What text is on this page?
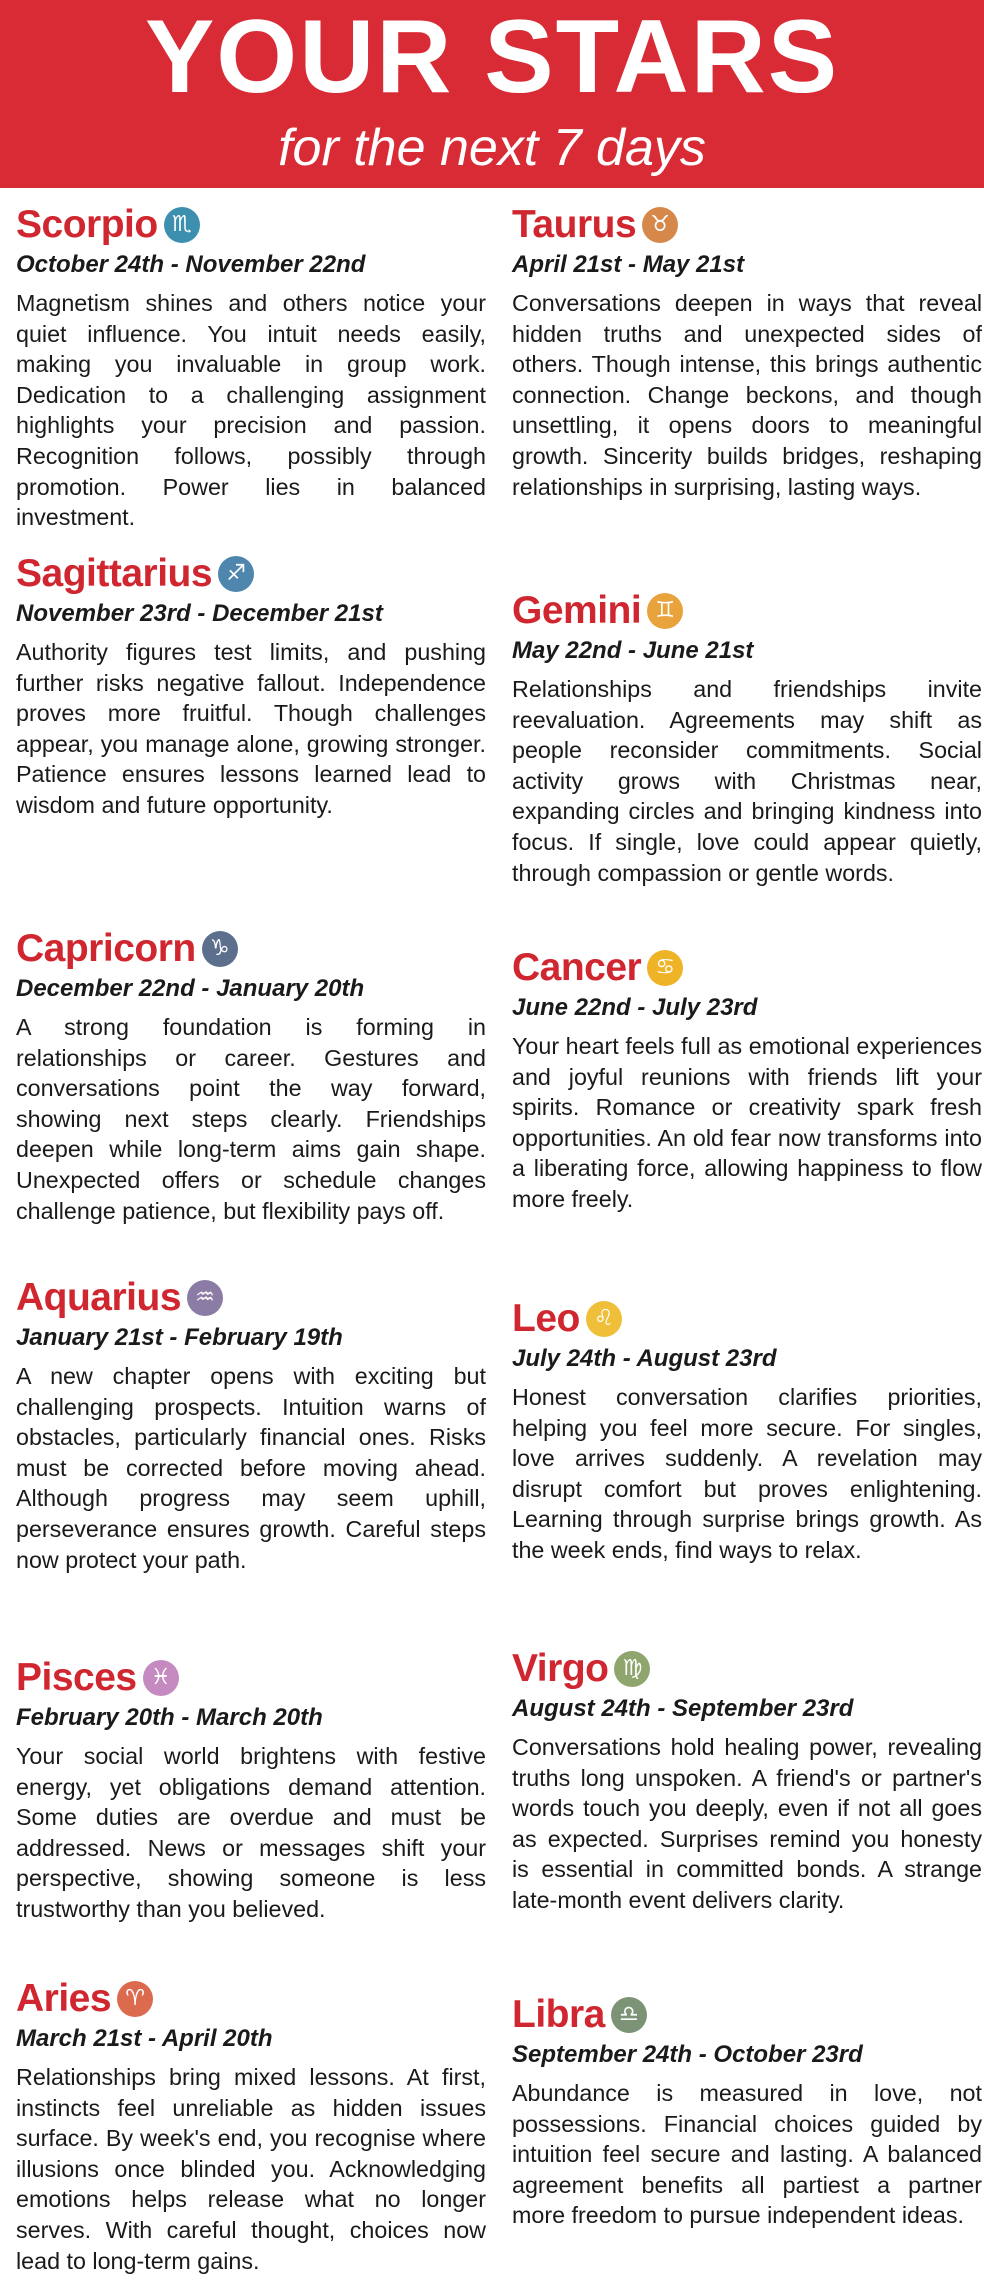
YOUR STARS
for the next 7 days
Scorpio ♏
October 24th - November 22nd
Magnetism shines and others notice your quiet influence. You intuit needs easily, making you invaluable in group work. Dedication to a challenging assignment highlights your precision and passion. Recognition follows, possibly through promotion. Power lies in balanced investment.
Sagittarius ♐
November 23rd - December 21st
Authority figures test limits, and pushing further risks negative fallout. Independence proves more fruitful. Though challenges appear, you manage alone, growing stronger. Patience ensures lessons learned lead to wisdom and future opportunity.
Capricorn ♑
December 22nd - January 20th
A strong foundation is forming in relationships or career. Gestures and conversations point the way forward, showing next steps clearly. Friendships deepen while long-term aims gain shape. Unexpected offers or schedule changes challenge patience, but flexibility pays off.
Aquarius ♒
January 21st - February 19th
A new chapter opens with exciting but challenging prospects. Intuition warns of obstacles, particularly financial ones. Risks must be corrected before moving ahead. Although progress may seem uphill, perseverance ensures growth. Careful steps now protect your path.
Pisces ♓
February 20th - March 20th
Your social world brightens with festive energy, yet obligations demand attention. Some duties are overdue and must be addressed. News or messages shift your perspective, showing someone is less trustworthy than you believed.
Aries ♈
March 21st - April 20th
Relationships bring mixed lessons. At first, instincts feel unreliable as hidden issues surface. By week's end, you recognise where illusions once blinded you. Acknowledging emotions helps release what no longer serves. With careful thought, choices now lead to long-term gains.
Taurus ♉
April 21st - May 21st
Conversations deepen in ways that reveal hidden truths and unexpected sides of others. Though intense, this brings authentic connection. Change beckons, and though unsettling, it opens doors to meaningful growth. Sincerity builds bridges, reshaping relationships in surprising, lasting ways.
Gemini ♊
May 22nd - June 21st
Relationships and friendships invite reevaluation. Agreements may shift as people reconsider commitments. Social activity grows with Christmas near, expanding circles and bringing kindness into focus. If single, love could appear quietly, through compassion or gentle words.
Cancer ♋
June 22nd - July 23rd
Your heart feels full as emotional experiences and joyful reunions with friends lift your spirits. Romance or creativity spark fresh opportunities. An old fear now transforms into a liberating force, allowing happiness to flow more freely.
Leo ♌
July 24th - August 23rd
Honest conversation clarifies priorities, helping you feel more secure. For singles, love arrives suddenly. A revelation may disrupt comfort but proves enlightening. Learning through surprise brings growth. As the week ends, find ways to relax.
Virgo ♍
August 24th - September 23rd
Conversations hold healing power, revealing truths long unspoken. A friend's or partner's words touch you deeply, even if not all goes as expected. Surprises remind you honesty is essential in committed bonds. A strange late-month event delivers clarity.
Libra ♎
September 24th - October 23rd
Abundance is measured in love, not possessions. Financial choices guided by intuition feel secure and lasting. A balanced agreement benefits all partiest a partner more freedom to pursue independent ideas.
